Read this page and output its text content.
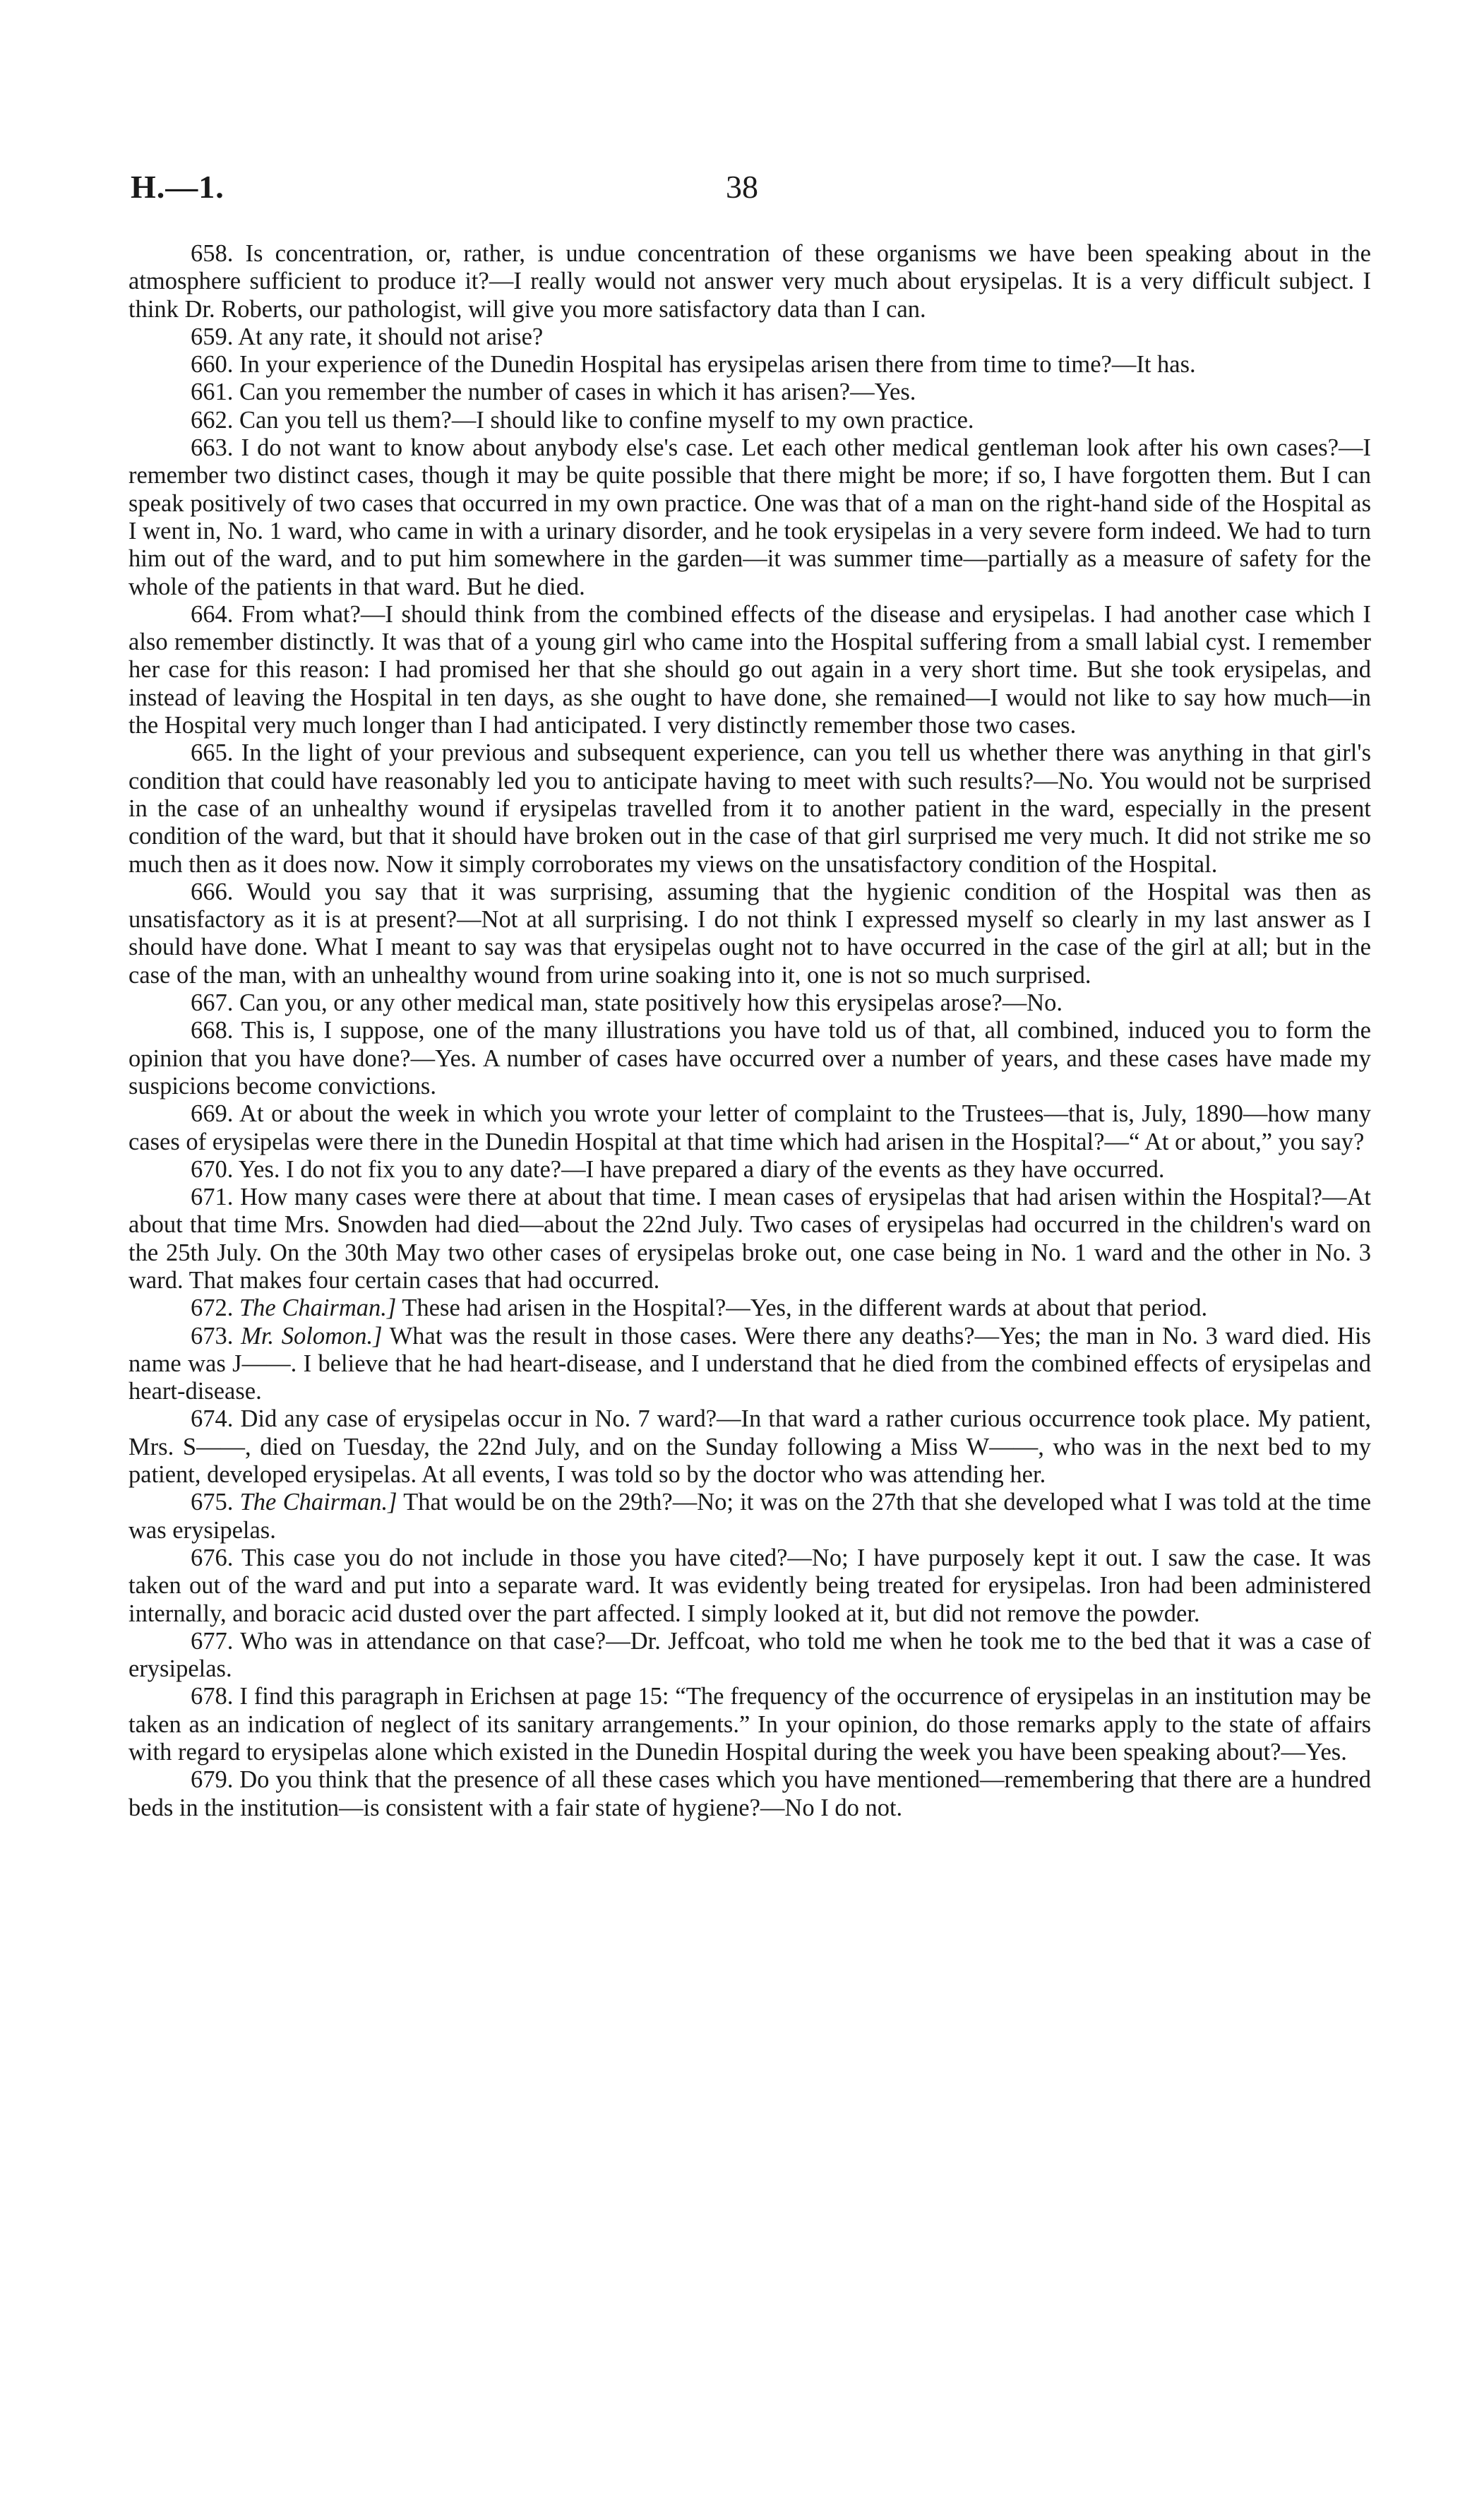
H.—1.	38

658. Is concentration, or, rather, is undue concentration of these organisms we have been speaking about in the atmosphere sufficient to produce it?—I really would not answer very much about erysipelas. It is a very difficult subject. I think Dr. Roberts, our pathologist, will give you more satisfactory data than I can.

659. At any rate, it should not arise?

660. In your experience of the Dunedin Hospital has erysipelas arisen there from time to time?—It has.

661. Can you remember the number of cases in which it has arisen?—Yes.

662. Can you tell us them?—I should like to confine myself to my own practice.

663. I do not want to know about anybody else's case. Let each other medical gentleman look after his own cases?—I remember two distinct cases, though it may be quite possible that there might be more; if so, I have forgotten them. But I can speak positively of two cases that occurred in my own practice. One was that of a man on the right-hand side of the Hospital as I went in, No. 1 ward, who came in with a urinary disorder, and he took erysipelas in a very severe form indeed. We had to turn him out of the ward, and to put him somewhere in the garden—it was summer time—partially as a measure of safety for the whole of the patients in that ward. But he died.

664. From what?—I should think from the combined effects of the disease and erysipelas. I had another case which I also remember distinctly. It was that of a young girl who came into the Hospital suffering from a small labial cyst. I remember her case for this reason: I had promised her that she should go out again in a very short time. But she took erysipelas, and instead of leaving the Hospital in ten days, as she ought to have done, she remained—I would not like to say how much—in the Hospital very much longer than I had anticipated. I very distinctly remember those two cases.

665. In the light of your previous and subsequent experience, can you tell us whether there was anything in that girl's condition that could have reasonably led you to anticipate having to meet with such results?—No. You would not be surprised in the case of an unhealthy wound if erysipelas travelled from it to another patient in the ward, especially in the present condition of the ward, but that it should have broken out in the case of that girl surprised me very much. It did not strike me so much then as it does now. Now it simply corroborates my views on the unsatisfactory condition of the Hospital.

666. Would you say that it was surprising, assuming that the hygienic condition of the Hospital was then as unsatisfactory as it is at present?—Not at all surprising. I do not think I expressed myself so clearly in my last answer as I should have done. What I meant to say was that erysipelas ought not to have occurred in the case of the girl at all; but in the case of the man, with an unhealthy wound from urine soaking into it, one is not so much surprised.

667. Can you, or any other medical man, state positively how this erysipelas arose?—No.

668. This is, I suppose, one of the many illustrations you have told us of that, all combined, induced you to form the opinion that you have done?—Yes. A number of cases have occurred over a number of years, and these cases have made my suspicions become convictions.

669. At or about the week in which you wrote your letter of complaint to the Trustees—that is, July, 1890—how many cases of erysipelas were there in the Dunedin Hospital at that time which had arisen in the Hospital?—“ At or about,” you say?

670. Yes. I do not fix you to any date?—I have prepared a diary of the events as they have occurred.

671. How many cases were there at about that time. I mean cases of erysipelas that had arisen within the Hospital?—At about that time Mrs. Snowden had died—about the 22nd July. Two cases of erysipelas had occurred in the children's ward on the 25th July. On the 30th May two other cases of erysipelas broke out, one case being in No. 1 ward and the other in No. 3 ward. That makes four certain cases that had occurred.

672. The Chairman.] These had arisen in the Hospital?—Yes, in the different wards at about that period.

673. Mr. Solomon.] What was the result in those cases. Were there any deaths?—Yes; the man in No. 3 ward died. His name was J——. I believe that he had heart-disease, and I understand that he died from the combined effects of erysipelas and heart-disease.

674. Did any case of erysipelas occur in No. 7 ward?—In that ward a rather curious occurrence took place. My patient, Mrs. S——, died on Tuesday, the 22nd July, and on the Sunday following a Miss W——, who was in the next bed to my patient, developed erysipelas. At all events, I was told so by the doctor who was attending her.

675. The Chairman.] That would be on the 29th?—No; it was on the 27th that she developed what I was told at the time was erysipelas.

676. This case you do not include in those you have cited?—No; I have purposely kept it out. I saw the case. It was taken out of the ward and put into a separate ward. It was evidently being treated for erysipelas. Iron had been administered internally, and boracic acid dusted over the part affected. I simply looked at it, but did not remove the powder.

677. Who was in attendance on that case?—Dr. Jeffcoat, who told me when he took me to the bed that it was a case of erysipelas.

678. I find this paragraph in Erichsen at page 15: “The frequency of the occurrence of erysipelas in an institution may be taken as an indication of neglect of its sanitary arrangements.” In your opinion, do those remarks apply to the state of affairs with regard to erysipelas alone which existed in the Dunedin Hospital during the week you have been speaking about?—Yes.

679. Do you think that the presence of all these cases which you have mentioned—remembering that there are a hundred beds in the institution—is consistent with a fair state of hygiene?—No I do not.
